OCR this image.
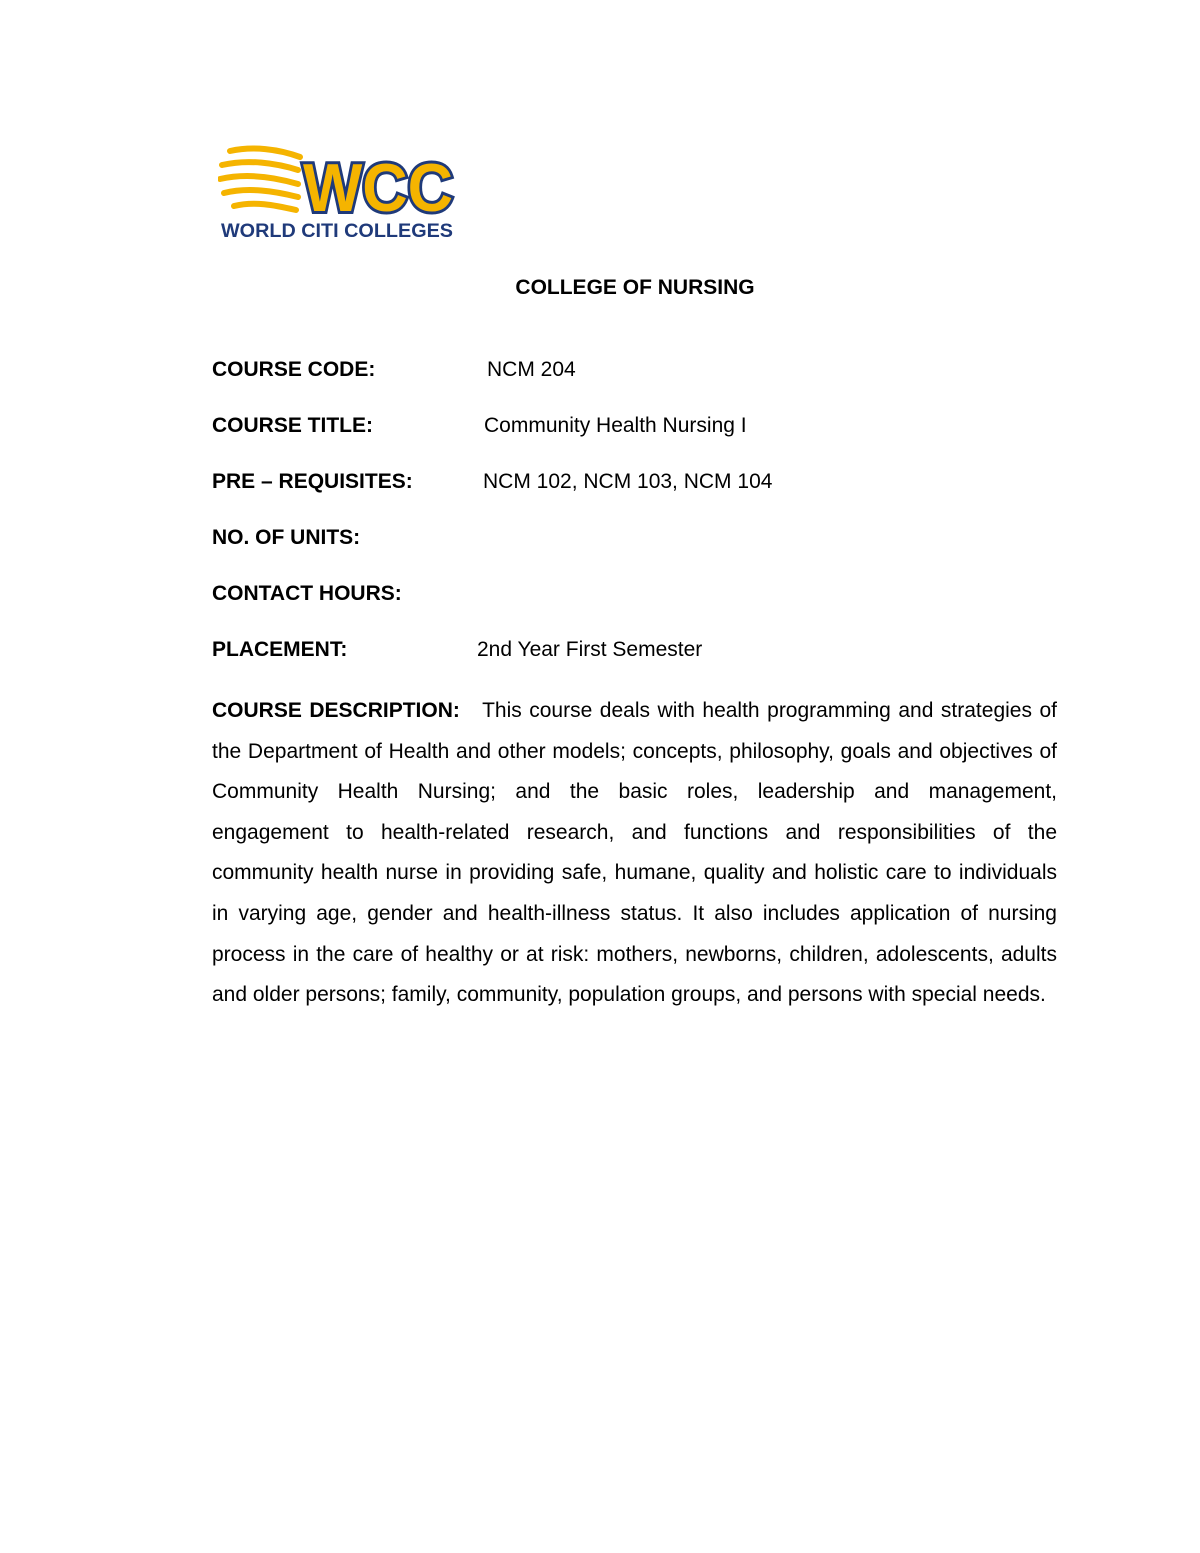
WCC
WORLD CITI COLLEGES
COLLEGE OF NURSING
COURSE CODE:	NCM 204
COURSE TITLE:	Community Health Nursing I
PRE – REQUISITES:	NCM 102, NCM 103, NCM 104
NO. OF UNITS:
CONTACT HOURS:
PLACEMENT:	2nd Year First Semester
COURSE DESCRIPTION: This course deals with health programming and strategies of the Department of Health and other models; concepts, philosophy, goals and objectives of Community Health Nursing; and the basic roles, leadership and management, engagement to health-related research, and functions and responsibilities of the community health nurse in providing safe, humane, quality and holistic care to individuals in varying age, gender and health-illness status. It also includes application of nursing process in the care of healthy or at risk: mothers, newborns, children, adolescents, adults and older persons; family, community, population groups, and persons with special needs.
